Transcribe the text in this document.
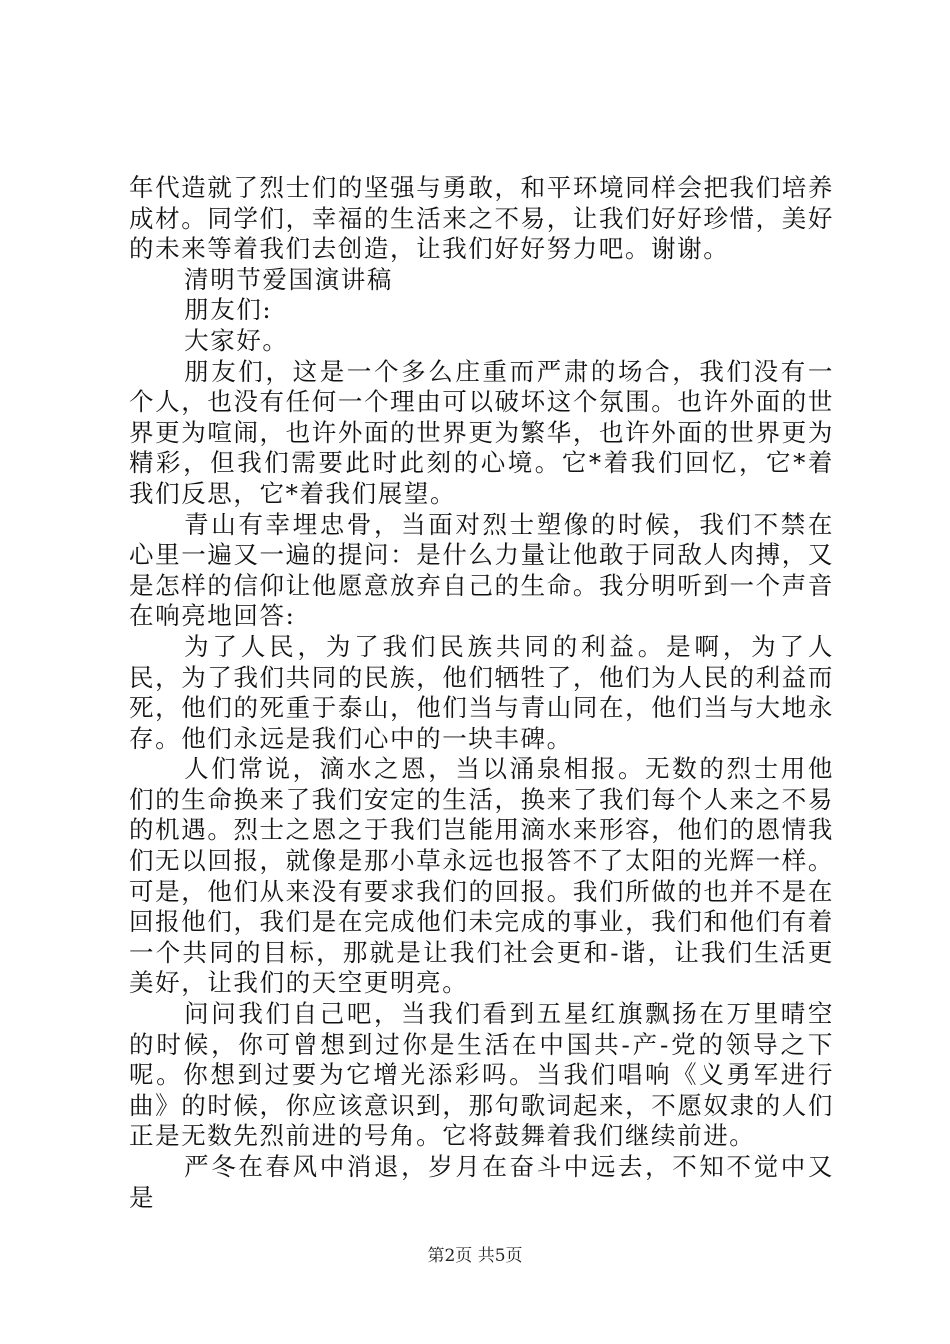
年代造就了烈士们的坚强与勇敢，和平环境同样会把我们培养成材。同学们，幸福的生活来之不易，让我们好好珍惜，美好的未来等着我们去创造，让我们好好努力吧。谢谢。

清明节爱国演讲稿

朋友们:

大家好。

朋友们，这是一个多么庄重而严肃的场合，我们没有一个人，也没有任何一个理由可以破坏这个氛围。也许外面的世界更为喧闹，也许外面的世界更为繁华，也许外面的世界更为精彩，但我们需要此时此刻的心境。它*着我们回忆，它*着我们反思，它*着我们展望。

青山有幸埋忠骨，当面对烈士塑像的时候，我们不禁在心里一遍又一遍的提问：是什么力量让他敢于同敌人肉搏，又是怎样的信仰让他愿意放弃自己的生命。我分明听到一个声音在响亮地回答:

为了人民，为了我们民族共同的利益。是啊，为了人民，为了我们共同的民族，他们牺牲了，他们为人民的利益而死，他们的死重于泰山，他们当与青山同在，他们当与大地永存。他们永远是我们心中的一块丰碑。

人们常说，滴水之恩，当以涌泉相报。无数的烈士用他们的生命换来了我们安定的生活，换来了我们每个人来之不易的机遇。烈士之恩之于我们岂能用滴水来形容，他们的恩情我们无以回报，就像是那小草永远也报答不了太阳的光辉一样。可是，他们从来没有要求我们的回报。我们所做的也并不是在回报他们，我们是在完成他们未完成的事业，我们和他们有着一个共同的目标，那就是让我们社会更和-谐，让我们生活更美好，让我们的天空更明亮。

问问我们自己吧，当我们看到五星红旗飘扬在万里晴空的时候，你可曾想到过你是生活在中国共-产-党的领导之下呢。你想到过要为它增光添彩吗。当我们唱响《义勇军进行曲》的时候，你应该意识到，那句歌词起来，不愿奴隶的人们正是无数先烈前进的号角。它将鼓舞着我们继续前进。

严冬在春风中消退，岁月在奋斗中远去，不知不觉中又是

第2页 共5页
